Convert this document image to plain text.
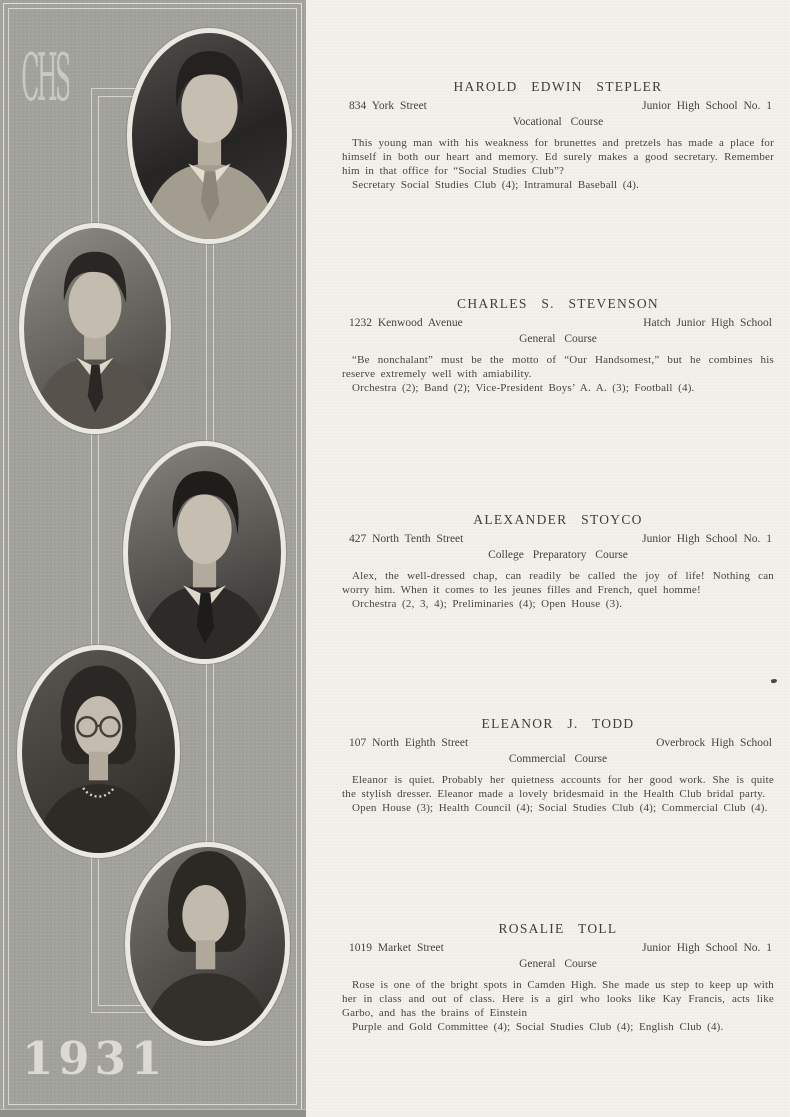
CHS
1931
HAROLD EDWIN STEPLER
834 York Street	Junior High School No. 1
Vocational Course

This young man with his weakness for brunettes and pretzels has made a place for himself in both our heart and memory. Ed surely makes a good secretary. Remember him in that office for “Social Studies Club”?

Secretary Social Studies Club (4); Intramural Baseball (4).

CHARLES S. STEVENSON
1232 Kenwood Avenue	Hatch Junior High School
General Course

“Be nonchalant” must be the motto of “Our Handsomest,” but he combines his reserve extremely well with amiability.

Orchestra (2); Band (2); Vice-President Boys’ A. A. (3); Football (4).

ALEXANDER STOYCO
427 North Tenth Street	Junior High School No. 1
College Preparatory Course

Alex, the well-dressed chap, can readily be called the joy of life! Nothing can worry him. When it comes to les jeunes filles and French, quel homme!

Orchestra (2, 3, 4); Preliminaries (4); Open House (3).

ELEANOR J. TODD
107 North Eighth Street	Overbrock High School
Commercial Course

Eleanor is quiet. Probably her quietness accounts for her good work. She is quite the stylish dresser. Eleanor made a lovely bridesmaid in the Health Club bridal party.

Open House (3); Health Council (4); Social Studies Club (4); Commercial Club (4).

ROSALIE TOLL
1019 Market Street	Junior High School No. 1
General Course

Rose is one of the bright spots in Camden High. She made us step to keep up with her in class and out of class. Here is a girl who looks like Kay Francis, acts like Garbo, and has the brains of Einstein

Purple and Gold Committee (4); Social Studies Club (4); English Club (4).
